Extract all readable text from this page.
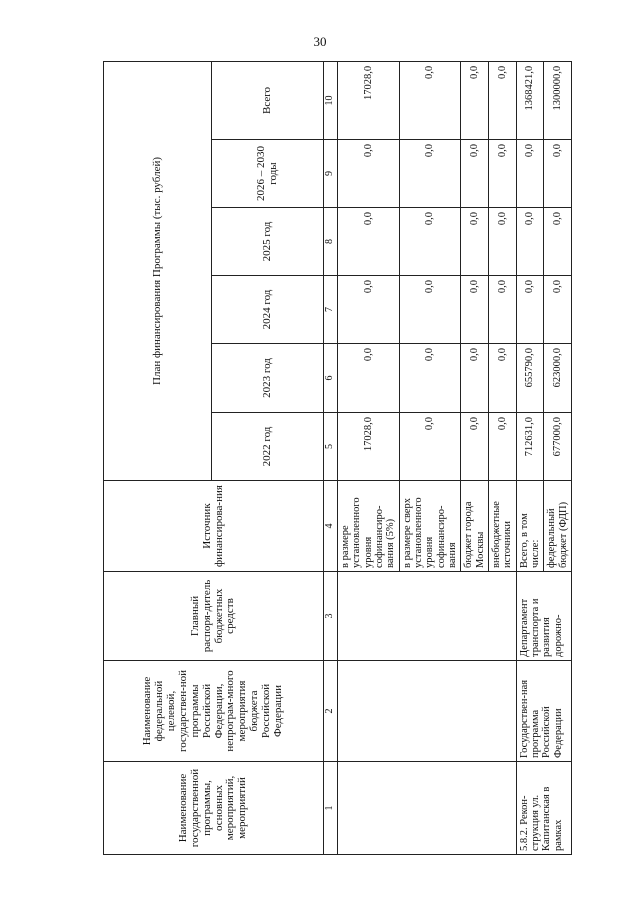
30
Наименование государственной программы, основных мероприятий, мероприятий	Наименование федеральной целевой, государствен-ной программы Российской Федерации, непрограм-много мероприятия бюджета Российской Федерации	Главный распоря-дитель бюджетных средств	Источник финансирова-ния	План финансирования Программы (тыс. рублей)					
				2022 год	2023 год	2024 год	2025 год	2026 – 2030 годы	Всего
1	2	3	4	5	6	7	8	9	10
			в размере установленного уровня софинансиро-вания (5%)	17028,0	0,0	0,0	0,0	0,0	17028,0
			в размере сверх установленного уровня софинансиро-вания	0,0	0,0	0,0	0,0	0,0	0,0
			бюджет города Москвы	0,0	0,0	0,0	0,0	0,0	0,0
			внебюджетные источники	0,0	0,0	0,0	0,0	0,0	0,0
5.8.2. Рекон-струкция ул. Капитанская в рамках	Государствен-ная программа Российской Федерации	Департамент транспорта и развития дорожно-	Всего, в том числе:	712631,0	655790,0	0,0	0,0	0,0	1368421,0
			федеральный бюджет (ФДП)	677000,0	623000,0	0,0	0,0	0,0	1300000,0
